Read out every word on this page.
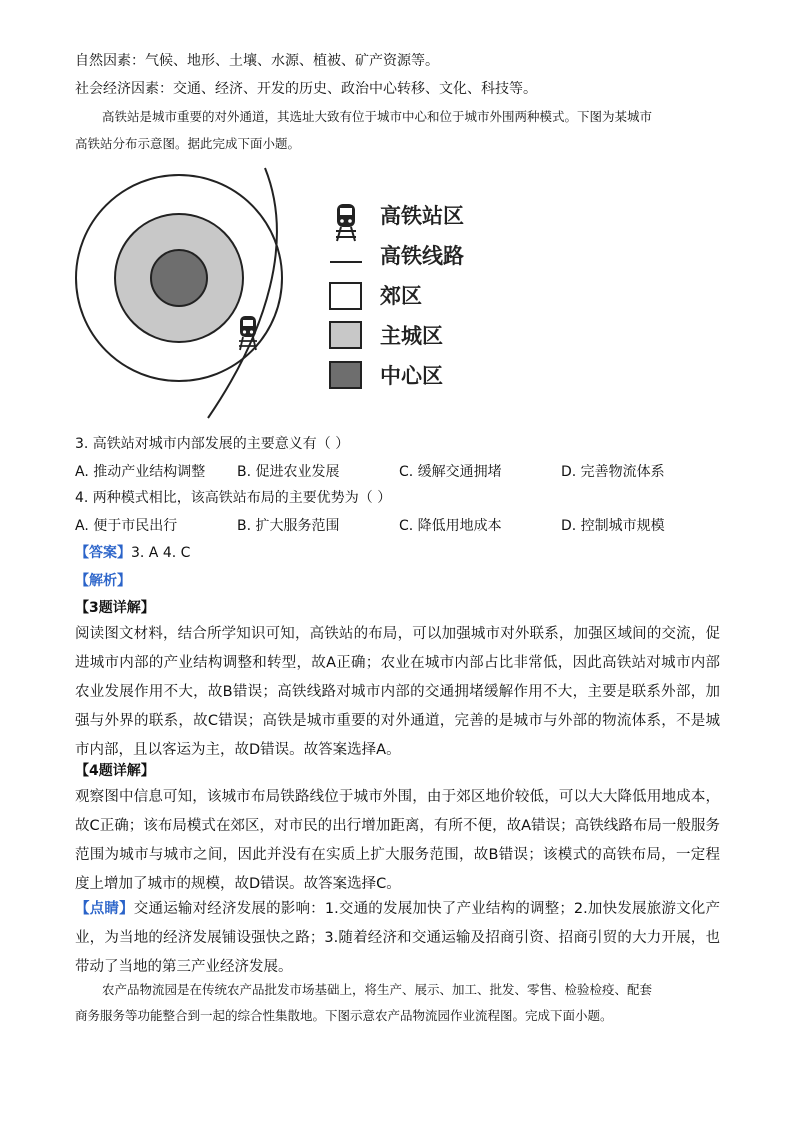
自然因素：气候、地形、土壤、水源、植被、矿产资源等。
社会经济因素：交通、经济、开发的历史、政治中心转移、文化、科技等。
高铁站是城市重要的对外通道，其选址大致有位于城市中心和位于城市外围两种模式。下图为某城市
高铁站分布示意图。据此完成下面小题。
高铁站区
高铁线路
郊区
主城区
中心区
3. 高铁站对城市内部发展的主要意义有（ ）
A. 推动产业结构调整 B. 促进农业发展	C. 缓解交通拥堵	D. 完善物流体系
4. 两种模式相比，该高铁站布局的主要优势为（ ）
A. 便于市民出行	B. 扩大服务范围	C. 降低用地成本	D. 控制城市规模
【答案】3. A 4. C
【解析】
【3题详解】
阅读图文材料，结合所学知识可知，高铁站的布局，可以加强城市对外联系，加强区域间的交流，促进城市内部的产业结构调整和转型，故A正确；农业在城市内部占比非常低，因此高铁站对城市内部农业发展作用不大，故B错误；高铁线路对城市内部的交通拥堵缓解作用不大，主要是联系外部，加强与外界的联系，故C错误；高铁是城市重要的对外通道，完善的是城市与外部的物流体系，不是城市内部，且以客运为主，故D错误。故答案选择A。
【4题详解】
观察图中信息可知，该城市布局铁路线位于城市外围，由于郊区地价较低，可以大大降低用地成本，故C正确；该布局模式在郊区，对市民的出行增加距离，有所不便，故A错误；高铁线路布局一般服务范围为城市与城市之间，因此并没有在实质上扩大服务范围，故B错误；该模式的高铁布局，一定程度上增加了城市的规模，故D错误。故答案选择C。
【点睛】交通运输对经济发展的影响：1.交通的发展加快了产业结构的调整；2.加快发展旅游文化产业，为当地的经济发展铺设强快之路；3.随着经济和交通运输及招商引资、招商引贸的大力开展，也带动了当地的第三产业经济发展。
农产品物流园是在传统农产品批发市场基础上，将生产、展示、加工、批发、零售、检验检疫、配套
商务服务等功能整合到一起的综合性集散地。下图示意农产品物流园作业流程图。完成下面小题。
